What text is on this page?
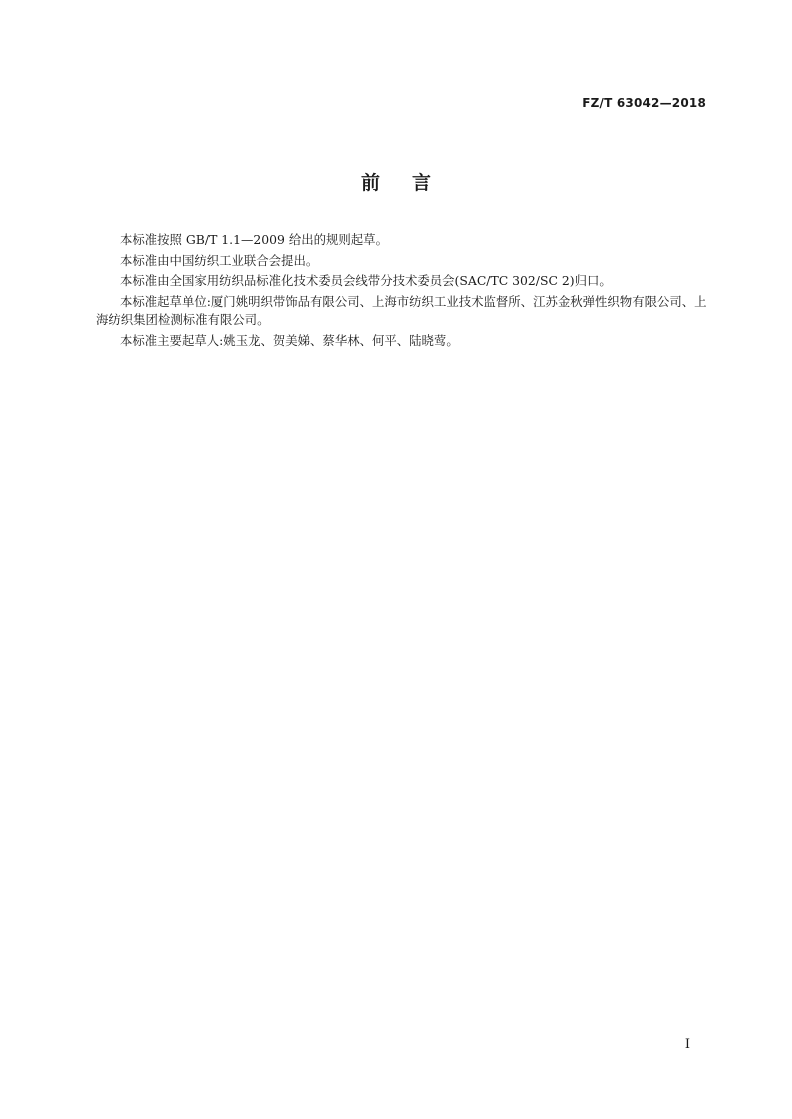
FZ/T 63042—2018
前言

本标准按照 GB/T 1.1—2009 给出的规则起草。

本标准由中国纺织工业联合会提出。

本标准由全国家用纺织品标准化技术委员会线带分技术委员会(SAC/TC 302/SC 2)归口。

本标准起草单位:厦门姚明织带饰品有限公司、上海市纺织工业技术监督所、江苏金秋弹性织物有限公司、上海纺织集团检测标准有限公司。

本标准主要起草人:姚玉龙、贺美娣、蔡华林、何平、陆晓莺。

I
